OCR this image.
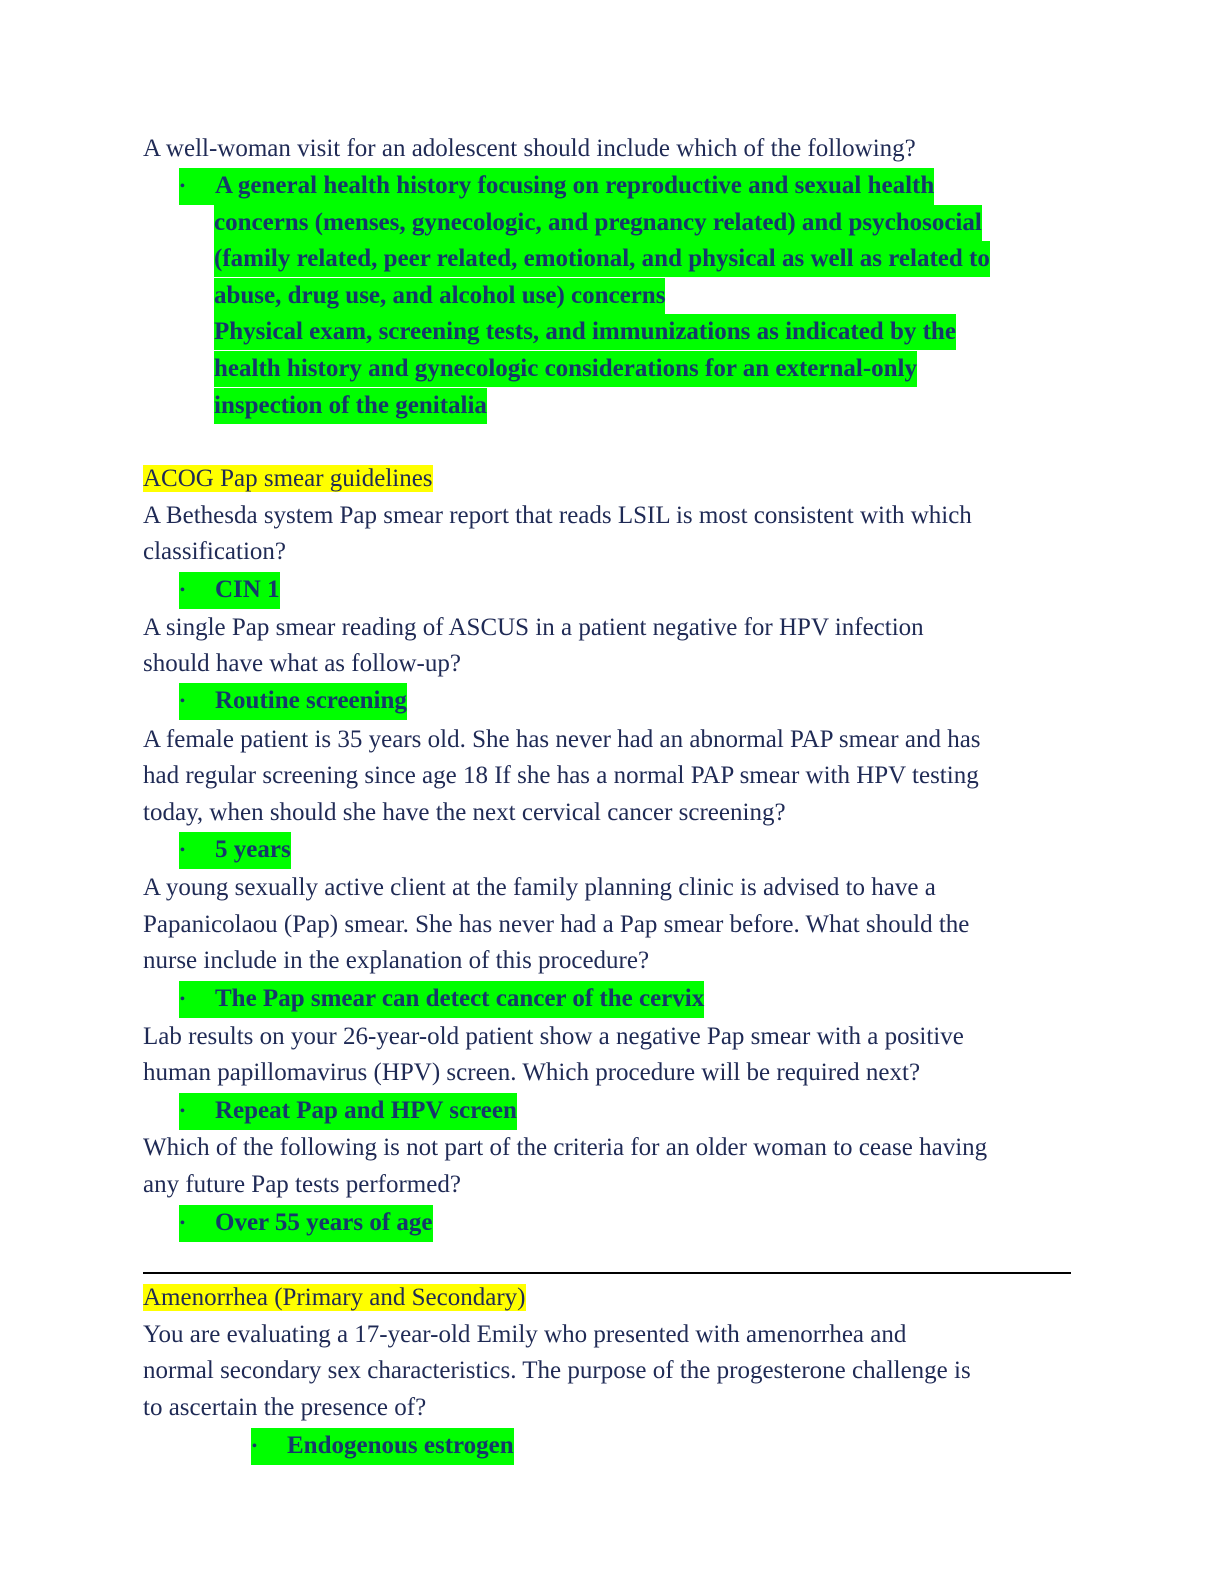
A well-woman visit for an adolescent should include which of the following?
• A general health history focusing on reproductive and sexual health
concerns (menses, gynecologic, and pregnancy related) and psychosocial
(family related, peer related, emotional, and physical as well as related to
abuse, drug use, and alcohol use) concerns
Physical exam, screening tests, and immunizations as indicated by the
health history and gynecologic considerations for an external-only
inspection of the genitalia
ACOG Pap smear guidelines
A Bethesda system Pap smear report that reads LSIL is most consistent with which
classification?
• CIN 1
A single Pap smear reading of ASCUS in a patient negative for HPV infection
should have what as follow-up?
• Routine screening
A female patient is 35 years old. She has never had an abnormal PAP smear and has
had regular screening since age 18 If she has a normal PAP smear with HPV testing
today, when should she have the next cervical cancer screening?
• 5 years
A young sexually active client at the family planning clinic is advised to have a
Papanicolaou (Pap) smear. She has never had a Pap smear before. What should the
nurse include in the explanation of this procedure?
• The Pap smear can detect cancer of the cervix
Lab results on your 26-year-old patient show a negative Pap smear with a positive
human papillomavirus (HPV) screen. Which procedure will be required next?
• Repeat Pap and HPV screen
Which of the following is not part of the criteria for an older woman to cease having
any future Pap tests performed?
• Over 55 years of age
Amenorrhea (Primary and Secondary)
You are evaluating a 17-year-old Emily who presented with amenorrhea and
normal secondary sex characteristics. The purpose of the progesterone challenge is
to ascertain the presence of?
• Endogenous estrogen
